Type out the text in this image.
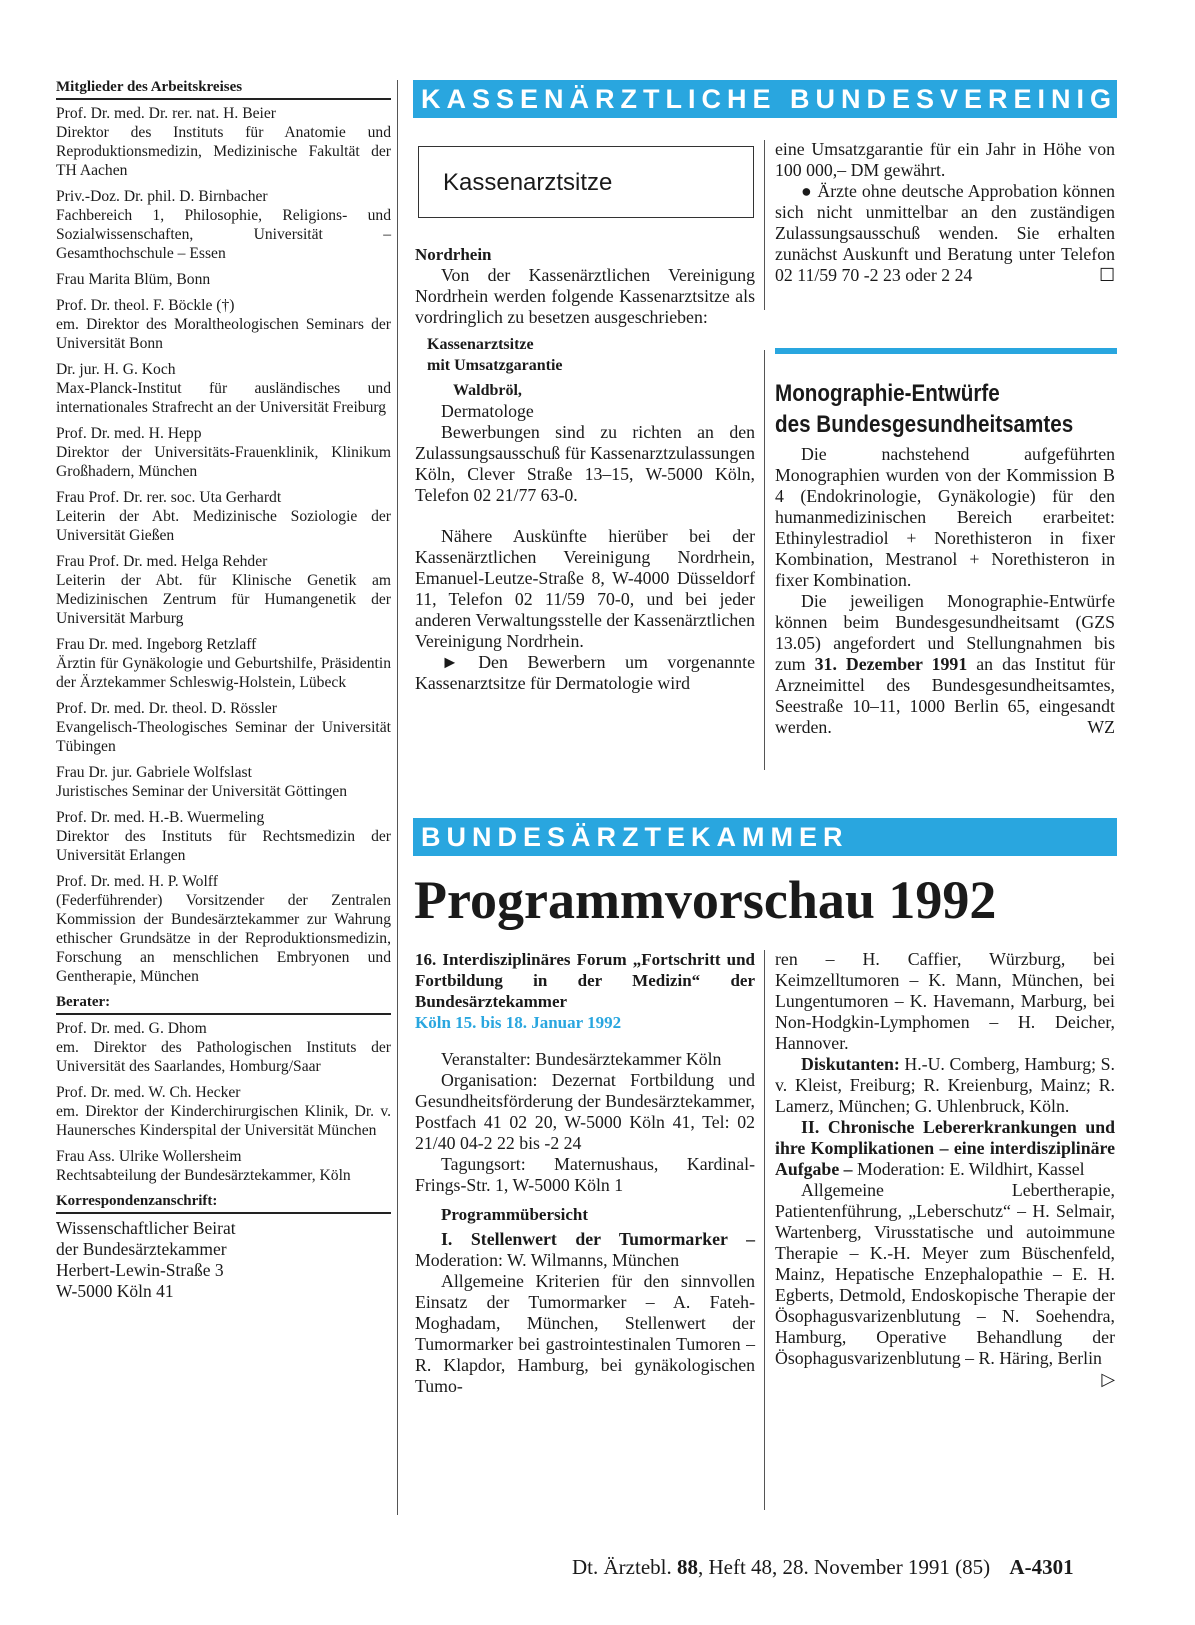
Mitglieder des Arbeitskreises
Prof. Dr. med. Dr. rer. nat. H. Beier
Direktor des Instituts für Anatomie und Reproduktionsmedizin, Medizinische Fakultät der TH Aachen
Priv.-Doz. Dr. phil. D. Birnbacher
Fachbereich 1, Philosophie, Religions- und Sozialwissenschaften, Universität – Gesamthochschule – Essen
Frau Marita Blüm, Bonn
Prof. Dr. theol. F. Böckle (†)
em. Direktor des Moraltheologischen Seminars der Universität Bonn
Dr. jur. H. G. Koch
Max-Planck-Institut für ausländisches und internationales Strafrecht an der Universität Freiburg
Prof. Dr. med. H. Hepp
Direktor der Universitäts-Frauenklinik, Klinikum Großhadern, München
Frau Prof. Dr. rer. soc. Uta Gerhardt
Leiterin der Abt. Medizinische Soziologie der Universität Gießen
Frau Prof. Dr. med. Helga Rehder
Leiterin der Abt. für Klinische Genetik am Medizinischen Zentrum für Humangenetik der Universität Marburg
Frau Dr. med. Ingeborg Retzlaff
Ärztin für Gynäkologie und Geburtshilfe, Präsidentin der Ärztekammer Schleswig-Holstein, Lübeck
Prof. Dr. med. Dr. theol. D. Rössler
Evangelisch-Theologisches Seminar der Universität Tübingen
Frau Dr. jur. Gabriele Wolfslast
Juristisches Seminar der Universität Göttingen
Prof. Dr. med. H.-B. Wuermeling
Direktor des Instituts für Rechtsmedizin der Universität Erlangen
Prof. Dr. med. H. P. Wolff
(Federführender) Vorsitzender der Zentralen Kommission der Bundesärztekammer zur Wahrung ethischer Grundsätze in der Reproduktionsmedizin, Forschung an menschlichen Embryonen und Gentherapie, München
Berater:
Prof. Dr. med. G. Dhom
em. Direktor des Pathologischen Instituts der Universität des Saarlandes, Homburg/Saar
Prof. Dr. med. W. Ch. Hecker
em. Direktor der Kinderchirurgischen Klinik, Dr. v. Haunersches Kinderspital der Universität München
Frau Ass. Ulrike Wollersheim
Rechtsabteilung der Bundesärztekammer, Köln
Korrespondenzanschrift:
Wissenschaftlicher Beirat
der Bundesärztekammer
Herbert-Lewin-Straße 3
W-5000 Köln 41
KASSENÄRZTLICHE BUNDESVEREINIGUNG
Kassenarztsitze
Nordrhein

Von der Kassenärztlichen Vereinigung Nordrhein werden folgende Kassenarztsitze als vordringlich zu besetzen ausgeschrieben:

Kassenarztsitze
mit Umsatzgarantie
Waldbröl,

Dermatologe

Bewerbungen sind zu richten an den Zulassungsausschuß für Kassenarztzulassungen Köln, Clever Straße 13–15, W-5000 Köln, Telefon 02 21/77 63-0.

Nähere Auskünfte hierüber bei der Kassenärztlichen Vereinigung Nordrhein, Emanuel-Leutze-Straße 8, W-4000 Düsseldorf 11, Telefon 02 11/59 70-0, und bei jeder anderen Verwaltungsstelle der Kassenärztlichen Vereinigung Nordrhein.

► Den Bewerbern um vorgenannte Kassenarztsitze für Dermatologie wird

eine Umsatzgarantie für ein Jahr in Höhe von 100 000,– DM gewährt.

● Ärzte ohne deutsche Approbation können sich nicht unmittelbar an den zuständigen Zulassungsausschuß wenden. Sie erhalten zunächst Auskunft und Beratung unter Telefon 02 11/59 70 -2 23 oder 2 24	☐

Monographie-Entwürfe
des Bundesgesundheitsamtes

Die nachstehend aufgeführten Monographien wurden von der Kommission B 4 (Endokrinologie, Gynäkologie) für den humanmedizinischen Bereich erarbeitet: Ethinylestradiol + Norethisteron in fixer Kombination, Mestranol + Norethisteron in fixer Kombination.

Die jeweiligen Monographie-Entwürfe können beim Bundesgesundheitsamt (GZS 13.05) angefordert und Stellungnahmen bis zum 31. Dezember 1991 an das Institut für Arzneimittel des Bundesgesundheitsamtes, Seestraße 10–11, 1000 Berlin 65, eingesandt werden.	WZ

BUNDESÄRZTEKAMMER
Programmvorschau 1992
16. Interdisziplinäres Forum „Fortschritt und Fortbildung in der Medizin“ der Bundesärztekammer
Köln 15. bis 18. Januar 1992

Veranstalter: Bundesärztekammer Köln

Organisation: Dezernat Fortbildung und Gesundheitsförderung der Bundesärztekammer, Postfach 41 02 20, W-5000 Köln 41, Tel: 02 21/40 04-2 22 bis -2 24

Tagungsort: Maternushaus, Kardinal-Frings-Str. 1, W-5000 Köln 1

Programmübersicht

I. Stellenwert der Tumormarker – Moderation: W. Wilmanns, München

Allgemeine Kriterien für den sinnvollen Einsatz der Tumormarker – A. Fateh-Moghadam, München, Stellenwert der Tumormarker bei gastrointestinalen Tumoren – R. Klapdor, Hamburg, bei gynäkologischen Tumo-

ren – H. Caffier, Würzburg, bei Keimzelltumoren – K. Mann, München, bei Lungentumoren – K. Havemann, Marburg, bei Non-Hodgkin-Lymphomen – H. Deicher, Hannover.

Diskutanten: H.-U. Comberg, Hamburg; S. v. Kleist, Freiburg; R. Kreienburg, Mainz; R. Lamerz, München; G. Uhlenbruck, Köln.

II. Chronische Lebererkrankungen und ihre Komplikationen – eine interdisziplinäre Aufgabe – Moderation: E. Wildhirt, Kassel

Allgemeine Lebertherapie, Patientenführung, „Leberschutz“ – H. Selmair, Wartenberg, Virusstatische und autoimmune Therapie – K.-H. Meyer zum Büschenfeld, Mainz, Hepatische Enzephalopathie – E. H. Egberts, Detmold, Endoskopische Therapie der Ösophagusvarizenblutung – N. Soehendra, Hamburg, Operative Behandlung der Ösophagusvarizenblutung – R. Häring, Berlin
▷

Dt. Ärztebl. 88, Heft 48, 28. November 1991 (85) A-4301
